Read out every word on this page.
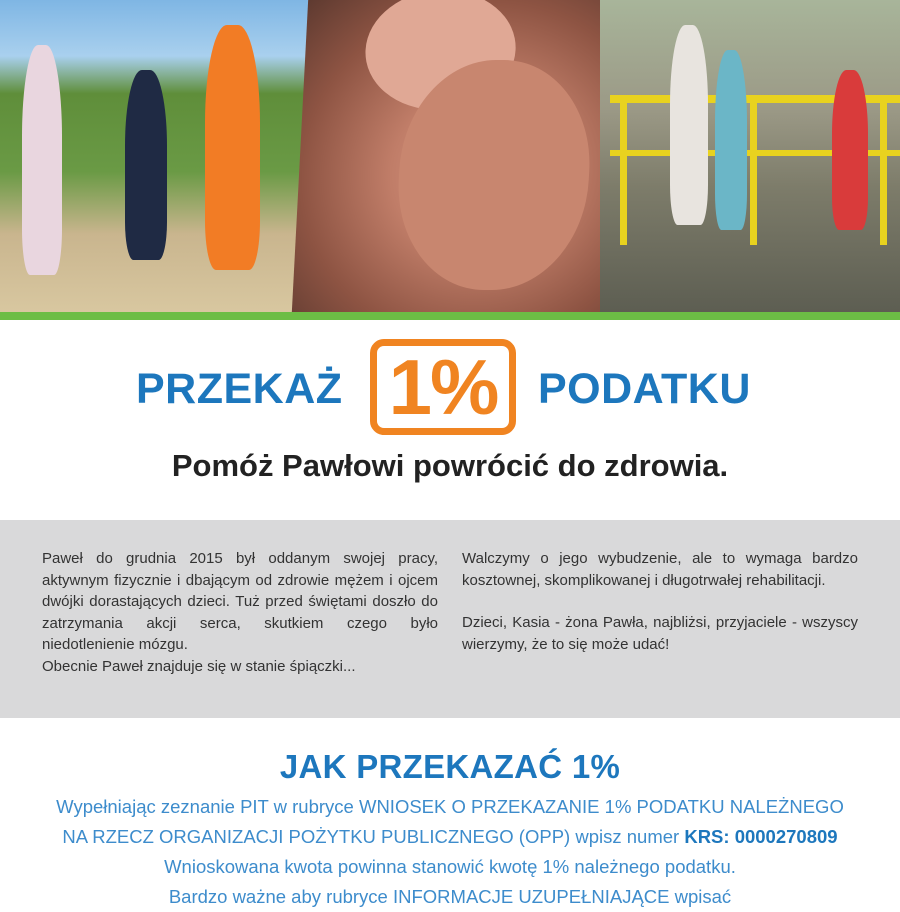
PRZEKAŻ 1% PODATKU
Pomóż Pawłowi powrócić do zdrowia.

Paweł do grudnia 2015 był oddanym swojej pracy, aktywnym fizycznie i dbającym od zdrowie mężem i ojcem dwójki dorastających dzieci. Tuż przed świętami doszło do zatrzymania akcji serca, skutkiem czego było niedotlenienie mózgu.

Obecnie Paweł znajduje się w stanie śpiączki...

Walczymy o jego wybudzenie, ale to wymaga bardzo kosztownej, skomplikowanej i długotrwałej rehabilitacji.

Dzieci, Kasia - żona Pawła, najbliżsi, przyjaciele - wszyscy wierzymy, że to się może udać!

JAK PRZEKAZAĆ 1%

Wypełniając zeznanie PIT w rubryce WNIOSEK O PRZEKAZANIE 1% PODATKU NALEŻNEGO

NA RZECZ ORGANIZACJI POŻYTKU PUBLICZNEGO (OPP) wpisz numer KRS: 0000270809

Wnioskowana kwota powinna stanowić kwotę 1% należnego podatku.

Bardzo ważne aby rubryce INFORMACJE UZUPEŁNIAJĄCE wpisać
